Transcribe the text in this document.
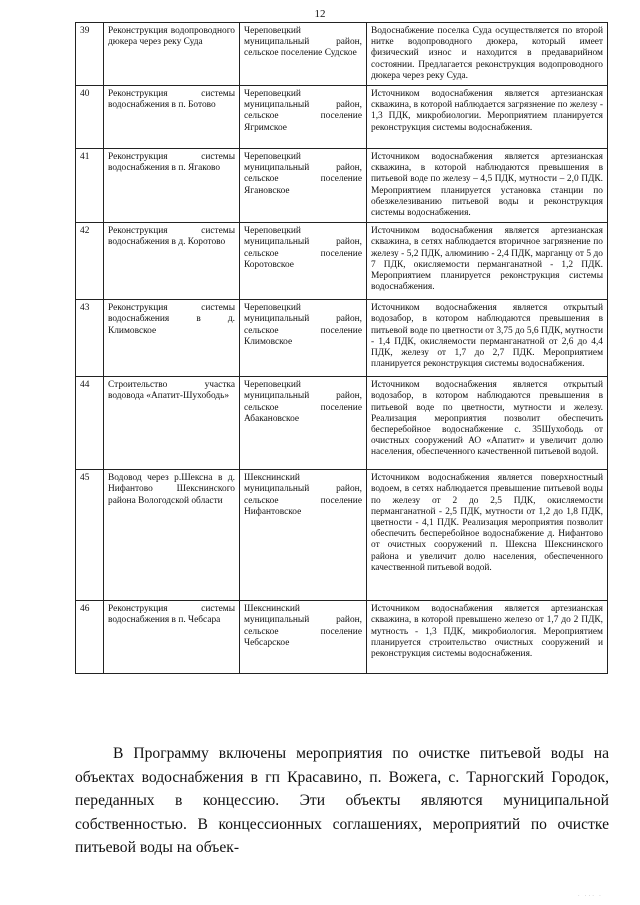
12
39	Реконструкция водопроводного дюкера через реку Суда	Череповецкий муниципальный район, сельское поселение Судское	Водоснабжение поселка Суда осуществляется по второй нитке водопроводного дюкера, который имеет физический износ и находится в предаварийном состоянии. Предлагается реконструкция водопроводного дюкера через реку Суда.
40	Реконструкция системы водоснабжения в п. Ботово	Череповецкий муниципальный район, сельское поселение Ягримское	Источником водоснабжения является артезианская скважина, в которой наблюдается загрязнение по железу - 1,3 ПДК, микробиологии. Мероприятием планируется реконструкция системы водоснабжения.
41	Реконструкция системы водоснабжения в п. Ягаково	Череповецкий муниципальный район, сельское поселение Ягановское	Источником водоснабжения является артезианская скважина, в которой наблюдаются превышения в питьевой воде по железу – 4,5 ПДК, мутности – 2,0 ПДК. Мероприятием планируется установка станции по обезжелезиванию питьевой воды и реконструкция системы водоснабжения.
42	Реконструкция системы водоснабжения в д. Коротово	Череповецкий муниципальный район, сельское поселение Коротовское	Источником водоснабжения является артезианская скважина, в сетях наблюдается вторичное загрязнение по железу - 5,2 ПДК, алюминию - 2,4 ПДК, марганцу от 5 до 7 ПДК, окисляемости перманганатной - 1,2 ПДК. Мероприятием планируется реконструкция системы водоснабжения.
43	Реконструкция системы водоснабжения в д. Климовское	Череповецкий муниципальный район, сельское поселение Климовское	Источником водоснабжения является открытый водозабор, в котором наблюдаются превышения в питьевой воде по цветности от 3,75 до 5,6 ПДК, мутности - 1,4 ПДК, окисляемости перманганатной от 2,6 до 4,4 ПДК, железу от 1,7 до 2,7 ПДК. Мероприятием планируется реконструкция системы водоснабжения.
44	Строительство участка водовода «Апатит-Шухободь»	Череповецкий муниципальный район, сельское поселение Абакановское	Источником водоснабжения является открытый водозабор, в котором наблюдаются превышения в питьевой воде по цветности, мутности и железу. Реализация мероприятия позволит обеспечить бесперебойное водоснабжение с. 35Шухободь от очистных сооружений АО «Апатит» и увеличит долю населения, обеспеченного качественной питьевой водой.
45	Водовод через р.Шексна в д. Нифантово Шекснинского района Вологодской области	Шекснинский муниципальный район, сельское поселение Нифантовское	Источником водоснабжения является поверхностный водоем, в сетях наблюдается превышение питьевой воды по железу от 2 до 2,5 ПДК, окисляемости перманганатной - 2,5 ПДК, мутности от 1,2 до 1,8 ПДК, цветности - 4,1 ПДК. Реализация мероприятия позволит обеспечить бесперебойное водоснабжение д. Нифантово от очистных сооружений п. Шексна Шекснинского района и увеличит долю населения, обеспеченного качественной питьевой водой.
46	Реконструкция системы водоснабжения в п. Чебсара	Шекснинский муниципальный район, сельское поселение Чебсарское	Источником водоснабжения является артезианская скважина, в которой превышено железо от 1,7 до 2 ПДК, мутность - 1,3 ПДК, микробиология. Мероприятием планируется строительство очистных сооружений и реконструкция системы водоснабжения.

В Программу включены мероприятия по очистке питьевой воды на объектах водоснабжения в гп Красавино, п. Вожега, с. Тарногский Городок, переданных в концессию. Эти объекты являются муниципальной собственностью. В концессионных соглашениях, мероприятий по очистке питьевой воды на объек-

· ··· ·
